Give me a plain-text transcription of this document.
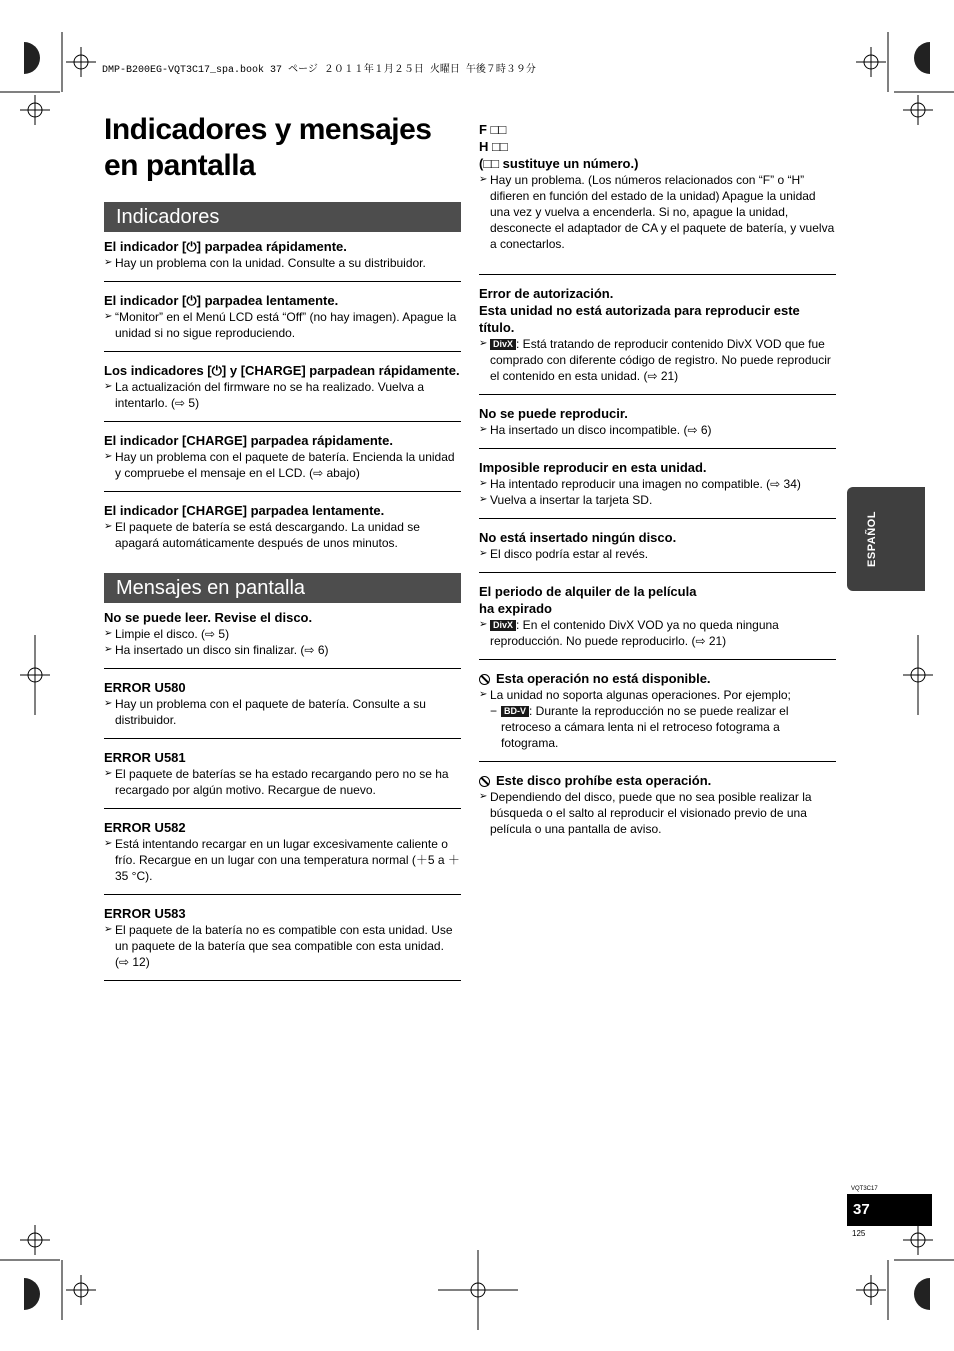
DMP-B200EG-VQT3C17_spa.book 37 ページ ２０１１年１月２５日 火曜日 午後７時３９分
Indicadores y mensajes en pantalla
Indicadores

El indicador [⏻] parpadea rápidamente.

➢ Hay un problema con la unidad. Consulte a su distribuidor.

El indicador [⏻] parpadea lentamente.

➢ “Monitor” en el Menú LCD está “Off” (no hay imagen). Apague la unidad si no sigue reproduciendo.

Los indicadores [⏻] y [CHARGE] parpadean rápidamente.

➢ La actualización del firmware no se ha realizado. Vuelva a intentarlo. (⇨ 5)

El indicador [CHARGE] parpadea rápidamente.

➢ Hay un problema con el paquete de batería. Encienda la unidad y compruebe el mensaje en el LCD. (⇨ abajo)

El indicador [CHARGE] parpadea lentamente.

➢ El paquete de batería se está descargando. La unidad se apagará automáticamente después de unos minutos.

Mensajes en pantalla

No se puede leer. Revise el disco.

➢ Limpie el disco. (⇨ 5)

➢ Ha insertado un disco sin finalizar. (⇨ 6)

ERROR U580

➢ Hay un problema con el paquete de batería. Consulte a su distribuidor.

ERROR U581

➢ El paquete de baterías se ha estado recargando pero no se ha recargado por algún motivo. Recargue de nuevo.

ERROR U582

➢ Está intentando recargar en un lugar excesivamente caliente o frío. Recargue en un lugar con una temperatura normal (＋5 a ＋35 °C).

ERROR U583

➢ El paquete de la batería no es compatible con esta unidad. Use un paquete de la batería que sea compatible con esta unidad. (⇨ 12)

F □□

H □□

(□□ sustituye un número.)

➢ Hay un problema. (Los números relacionados con “F” o “H” difieren en función del estado de la unidad) Apague la unidad una vez y vuelva a encenderla. Si no, apague la unidad, desconecte el adaptador de CA y el paquete de batería, y vuelva a conectarlos.

Error de autorización.

Esta unidad no está autorizada para reproducir este título.

➢ DivX : Está tratando de reproducir contenido DivX VOD que fue comprado con diferente código de registro. No puede reproducir el contenido en esta unidad. (⇨ 21)

No se puede reproducir.

➢ Ha insertado un disco incompatible. (⇨ 6)

Imposible reproducir en esta unidad.

➢ Ha intentado reproducir una imagen no compatible. (⇨ 34)

➢ Vuelva a insertar la tarjeta SD.

No está insertado ningún disco.

➢ El disco podría estar al revés.

El periodo de alquiler de la película

ha expirado

➢ DivX : En el contenido DivX VOD ya no queda ninguna reproducción. No puede reproducirlo. (⇨ 21)

Esta operación no está disponible.

➢ La unidad no soporta algunas operaciones. Por ejemplo;

− BD-V : Durante la reproducción no se puede realizar el retroceso a cámara lenta ni el retroceso fotograma a fotograma.

Este disco prohíbe esta operación.

➢ Dependiendo del disco, puede que no sea posible realizar la búsqueda o el salto al reproducir el visionado previo de una película o una pantalla de aviso.

ESPAÑOL
VQT3C17
37
125
